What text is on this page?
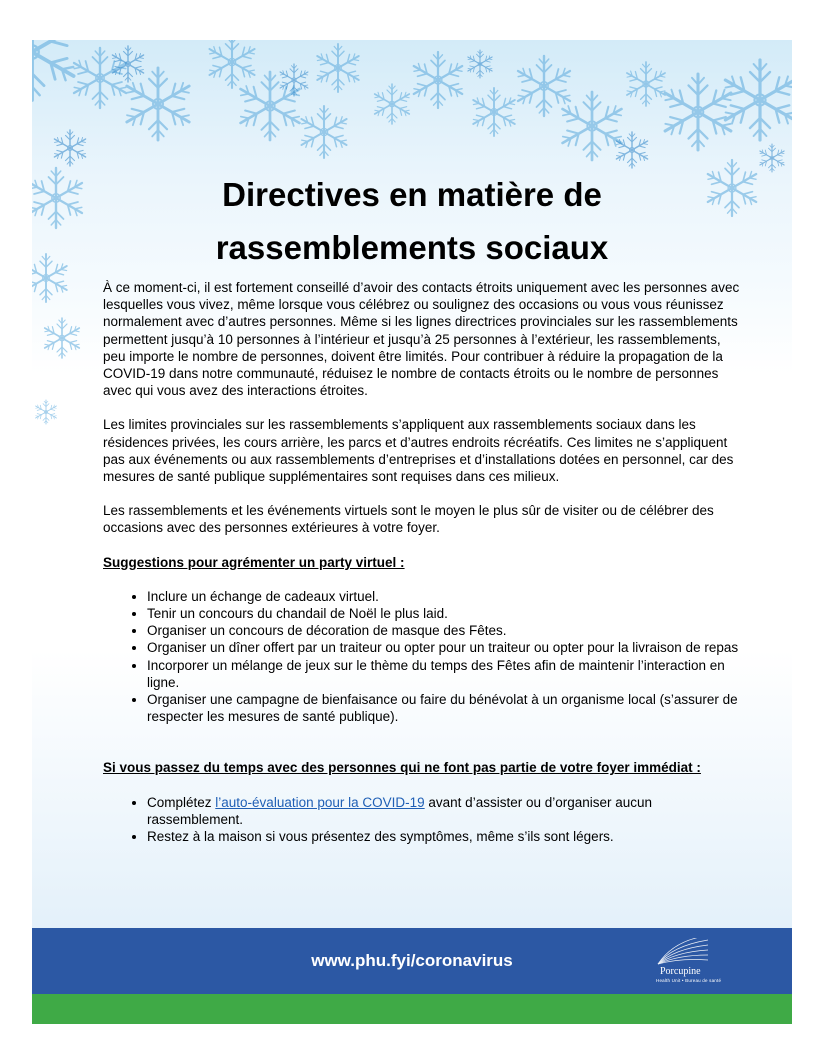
Directives en matière de
rassemblements sociaux

À ce moment-ci, il est fortement conseillé d’avoir des contacts étroits uniquement avec les personnes avec lesquelles vous vivez, même lorsque vous célébrez ou soulignez des occasions ou vous vous réunissez normalement avec d’autres personnes. Même si les lignes directrices provinciales sur les rassemblements permettent jusqu’à 10 personnes à l’intérieur et jusqu’à 25 personnes à l’extérieur, les rassemblements, peu importe le nombre de personnes, doivent être limités. Pour contribuer à réduire la propagation de la COVID-19 dans notre communauté, réduisez le nombre de contacts étroits ou le nombre de personnes avec qui vous avez des interactions étroites.

Les limites provinciales sur les rassemblements s’appliquent aux rassemblements sociaux dans les résidences privées, les cours arrière, les parcs et d’autres endroits récréatifs. Ces limites ne s’appliquent pas aux événements ou aux rassemblements d’entreprises et d’installations dotées en personnel, car des mesures de santé publique supplémentaires sont requises dans ces milieux.

Les rassemblements et les événements virtuels sont le moyen le plus sûr de visiter ou de célébrer des occasions avec des personnes extérieures à votre foyer.

Suggestions pour agrémenter un party virtuel :
• Inclure un échange de cadeaux virtuel.
• Tenir un concours du chandail de Noël le plus laid.
• Organiser un concours de décoration de masque des Fêtes.
• Organiser un dîner offert par un traiteur ou opter pour un traiteur ou opter pour la livraison de repas
• Incorporer un mélange de jeux sur le thème du temps des Fêtes afin de maintenir l’interaction en ligne.
• Organiser une campagne de bienfaisance ou faire du bénévolat à un organisme local (s’assurer de respecter les mesures de santé publique).
Si vous passez du temps avec des personnes qui ne font pas partie de votre foyer immédiat :
• Complétez l’auto-évaluation pour la COVID-19 avant d’assister ou d’organiser aucun rassemblement.
• Restez à la maison si vous présentez des symptômes, même s’ils sont légers.
www.phu.fyi/coronavirus
Porcupine
Health Unit • Bureau de santé
